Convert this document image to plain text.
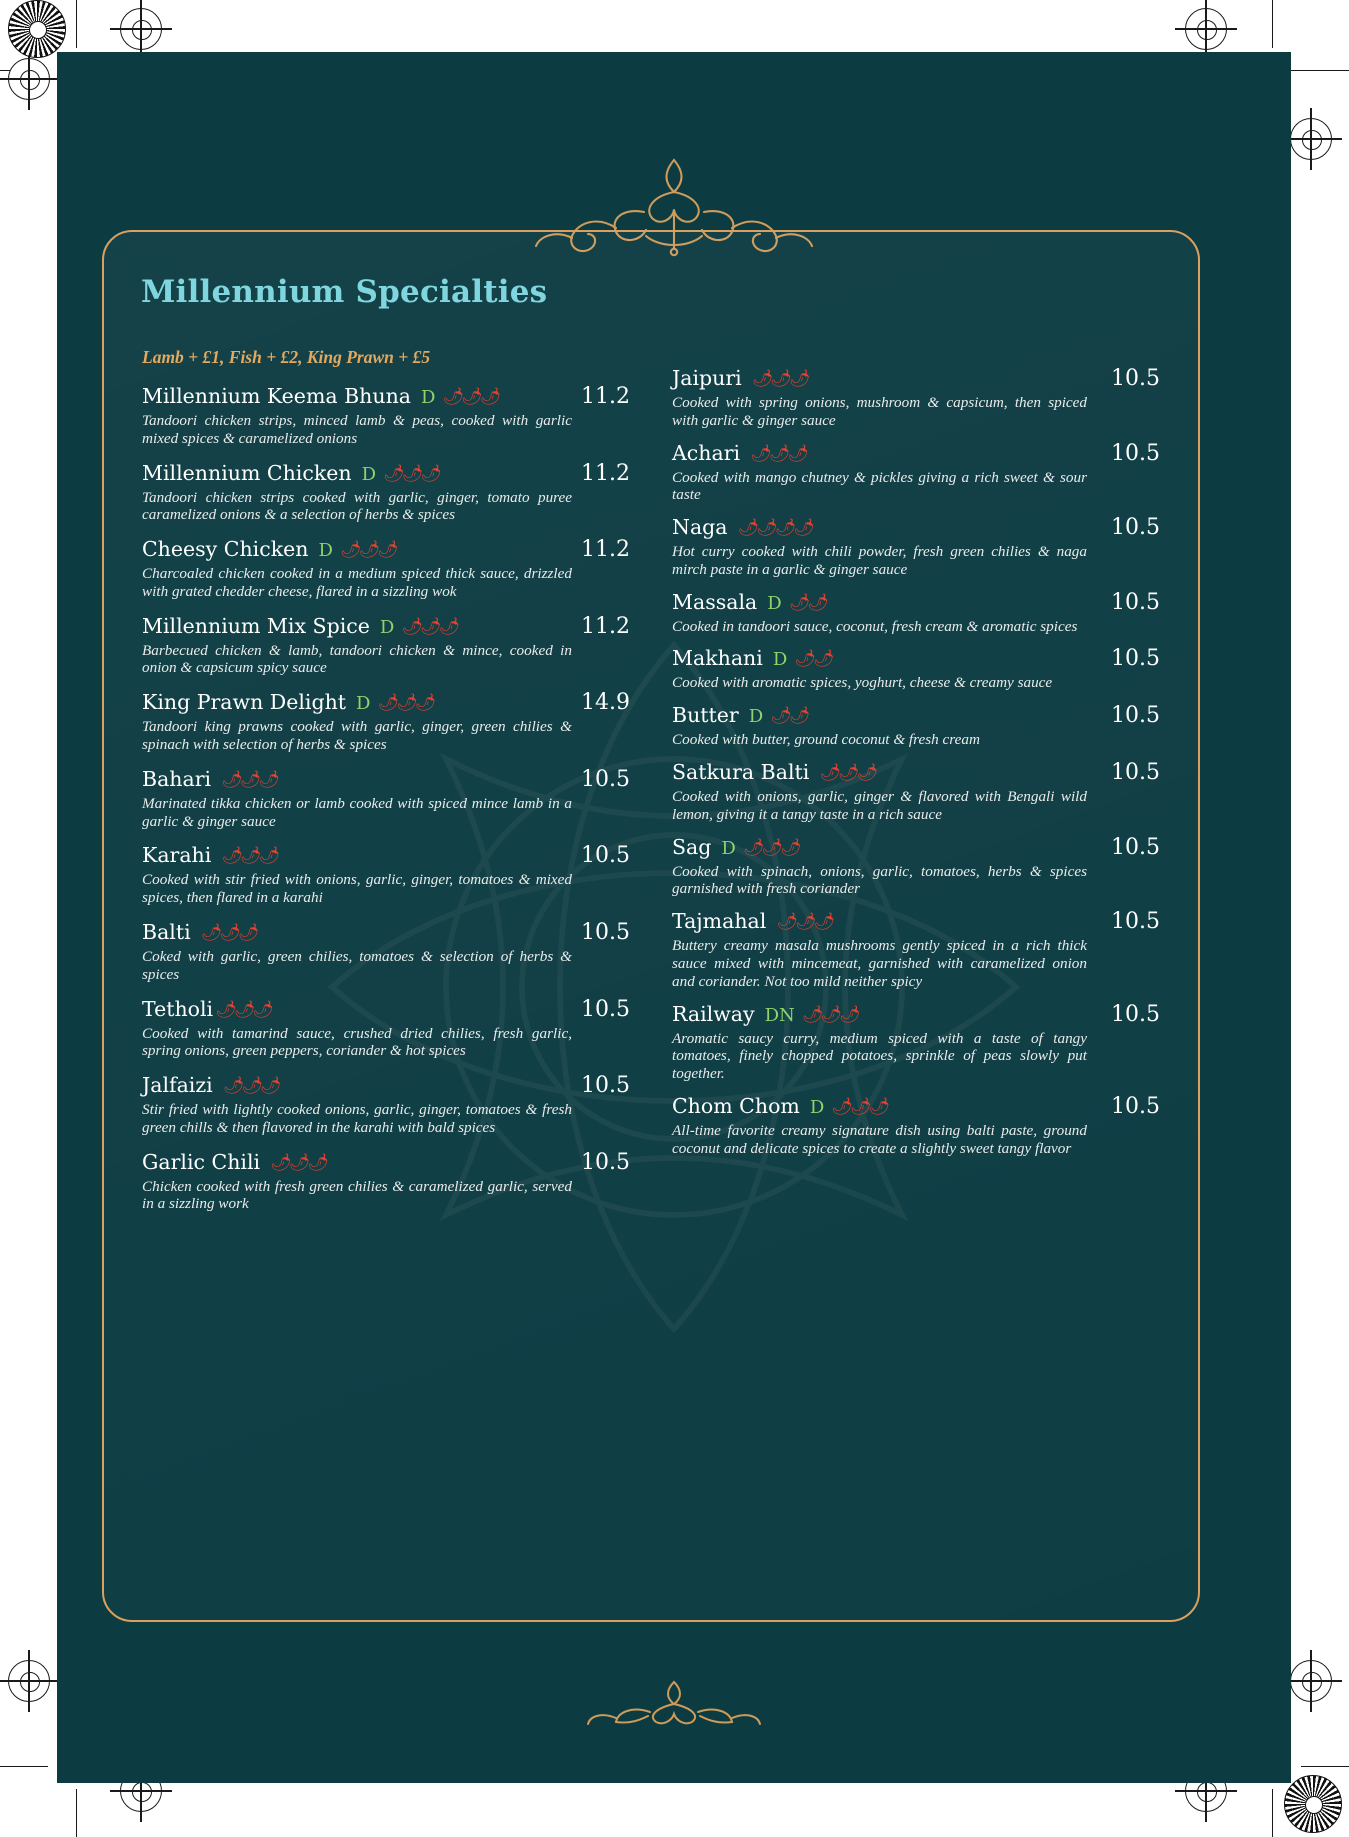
Millennium Specialties
Lamb + £1, Fish + £2, King Prawn + £5
Millennium Keema Bhuna D 🌶🌶🌶	11.2
Tandoori chicken strips, minced lamb & peas, cooked with garlic mixed spices & caramelized onions
Millennium Chicken D 🌶🌶🌶	11.2
Tandoori chicken strips cooked with garlic, ginger, tomato puree caramelized onions & a selection of herbs & spices
Cheesy Chicken D 🌶🌶🌶	11.2
Charcoaled chicken cooked in a medium spiced thick sauce, drizzled with grated chedder cheese, flared in a sizzling wok
Millennium Mix Spice D 🌶🌶🌶	11.2
Barbecued chicken & lamb, tandoori chicken & mince, cooked in onion & capsicum spicy sauce
King Prawn Delight D 🌶🌶🌶	14.9
Tandoori king prawns cooked with garlic, ginger, green chilies & spinach with selection of herbs & spices
Bahari 🌶🌶🌶	10.5
Marinated tikka chicken or lamb cooked with spiced mince lamb in a garlic & ginger sauce
Karahi 🌶🌶🌶	10.5
Cooked with stir fried with onions, garlic, ginger, tomatoes & mixed spices, then flared in a karahi
Balti 🌶🌶🌶	10.5
Coked with garlic, green chilies, tomatoes & selection of herbs & spices
Tetholi 🌶🌶🌶	10.5
Cooked with tamarind sauce, crushed dried chilies, fresh garlic, spring onions, green peppers, coriander & hot spices
Jalfaizi 🌶🌶🌶	10.5
Stir fried with lightly cooked onions, garlic, ginger, tomatoes & fresh green chills & then flavored in the karahi with bald spices
Garlic Chili 🌶🌶🌶	10.5
Chicken cooked with fresh green chilies & caramelized garlic, served in a sizzling work
Jaipuri 🌶🌶🌶	10.5
Cooked with spring onions, mushroom & capsicum, then spiced with garlic & ginger sauce
Achari 🌶🌶🌶	10.5
Cooked with mango chutney & pickles giving a rich sweet & sour taste
Naga 🌶🌶🌶🌶	10.5
Hot curry cooked with chili powder, fresh green chilies & naga mirch paste in a garlic & ginger sauce
Massala D 🌶🌶	10.5
Cooked in tandoori sauce, coconut, fresh cream & aromatic spices
Makhani D 🌶🌶	10.5
Cooked with aromatic spices, yoghurt, cheese & creamy sauce
Butter D 🌶🌶	10.5
Cooked with butter, ground coconut & fresh cream
Satkura Balti 🌶🌶🌶	10.5
Cooked with onions, garlic, ginger & flavored with Bengali wild lemon, giving it a tangy taste in a rich sauce
Sag D 🌶🌶🌶	10.5
Cooked with spinach, onions, garlic, tomatoes, herbs & spices garnished with fresh coriander
Tajmahal 🌶🌶🌶	10.5
Buttery creamy masala mushrooms gently spiced in a rich thick sauce mixed with mincemeat, garnished with caramelized onion and coriander. Not too mild neither spicy
Railway DN 🌶🌶🌶	10.5
Aromatic saucy curry, medium spiced with a taste of tangy tomatoes, finely chopped potatoes, sprinkle of peas slowly put together.
Chom Chom D 🌶🌶🌶	10.5
All-time favorite creamy signature dish using balti paste, ground coconut and delicate spices to create a slightly sweet tangy flavor
